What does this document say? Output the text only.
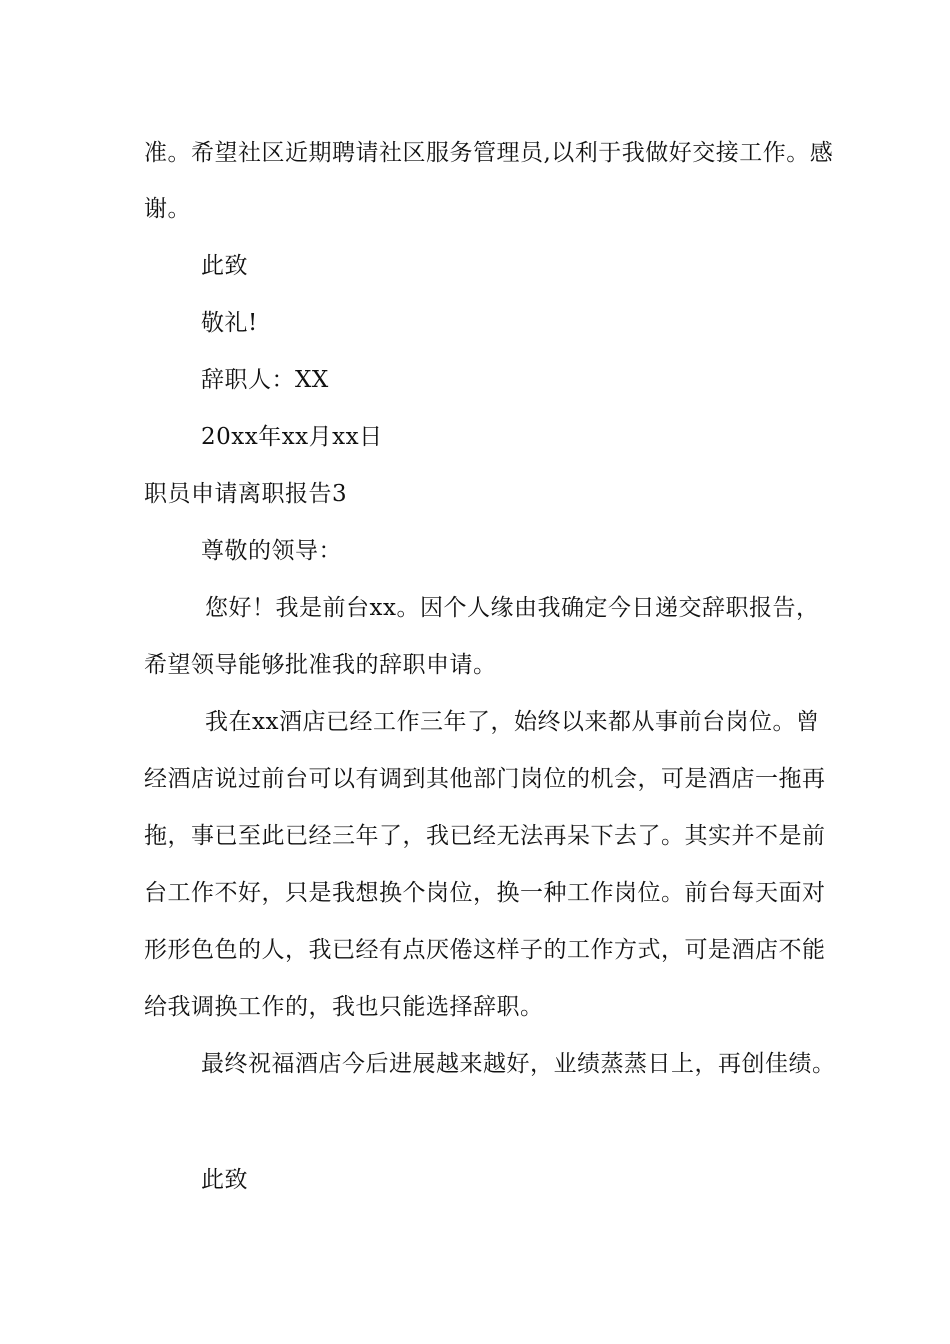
准。希望社区近期聘请社区服务管理员,以利于我做好交接工作。感
谢。
此致
敬礼!
辞职人：XX
20xx年xx月xx日
职员申请离职报告3
尊敬的领导：
您好！我是前台xx。因个人缘由我确定今日递交辞职报告，
希望领导能够批准我的辞职申请。
我在xx酒店已经工作三年了，始终以来都从事前台岗位。曾
经酒店说过前台可以有调到其他部门岗位的机会，可是酒店一拖再
拖，事已至此已经三年了，我已经无法再呆下去了。其实并不是前
台工作不好，只是我想换个岗位，换一种工作岗位。前台每天面对
形形色色的人，我已经有点厌倦这样子的工作方式，可是酒店不能
给我调换工作的，我也只能选择辞职。
最终祝福酒店今后进展越来越好，业绩蒸蒸日上，再创佳绩。
此致
